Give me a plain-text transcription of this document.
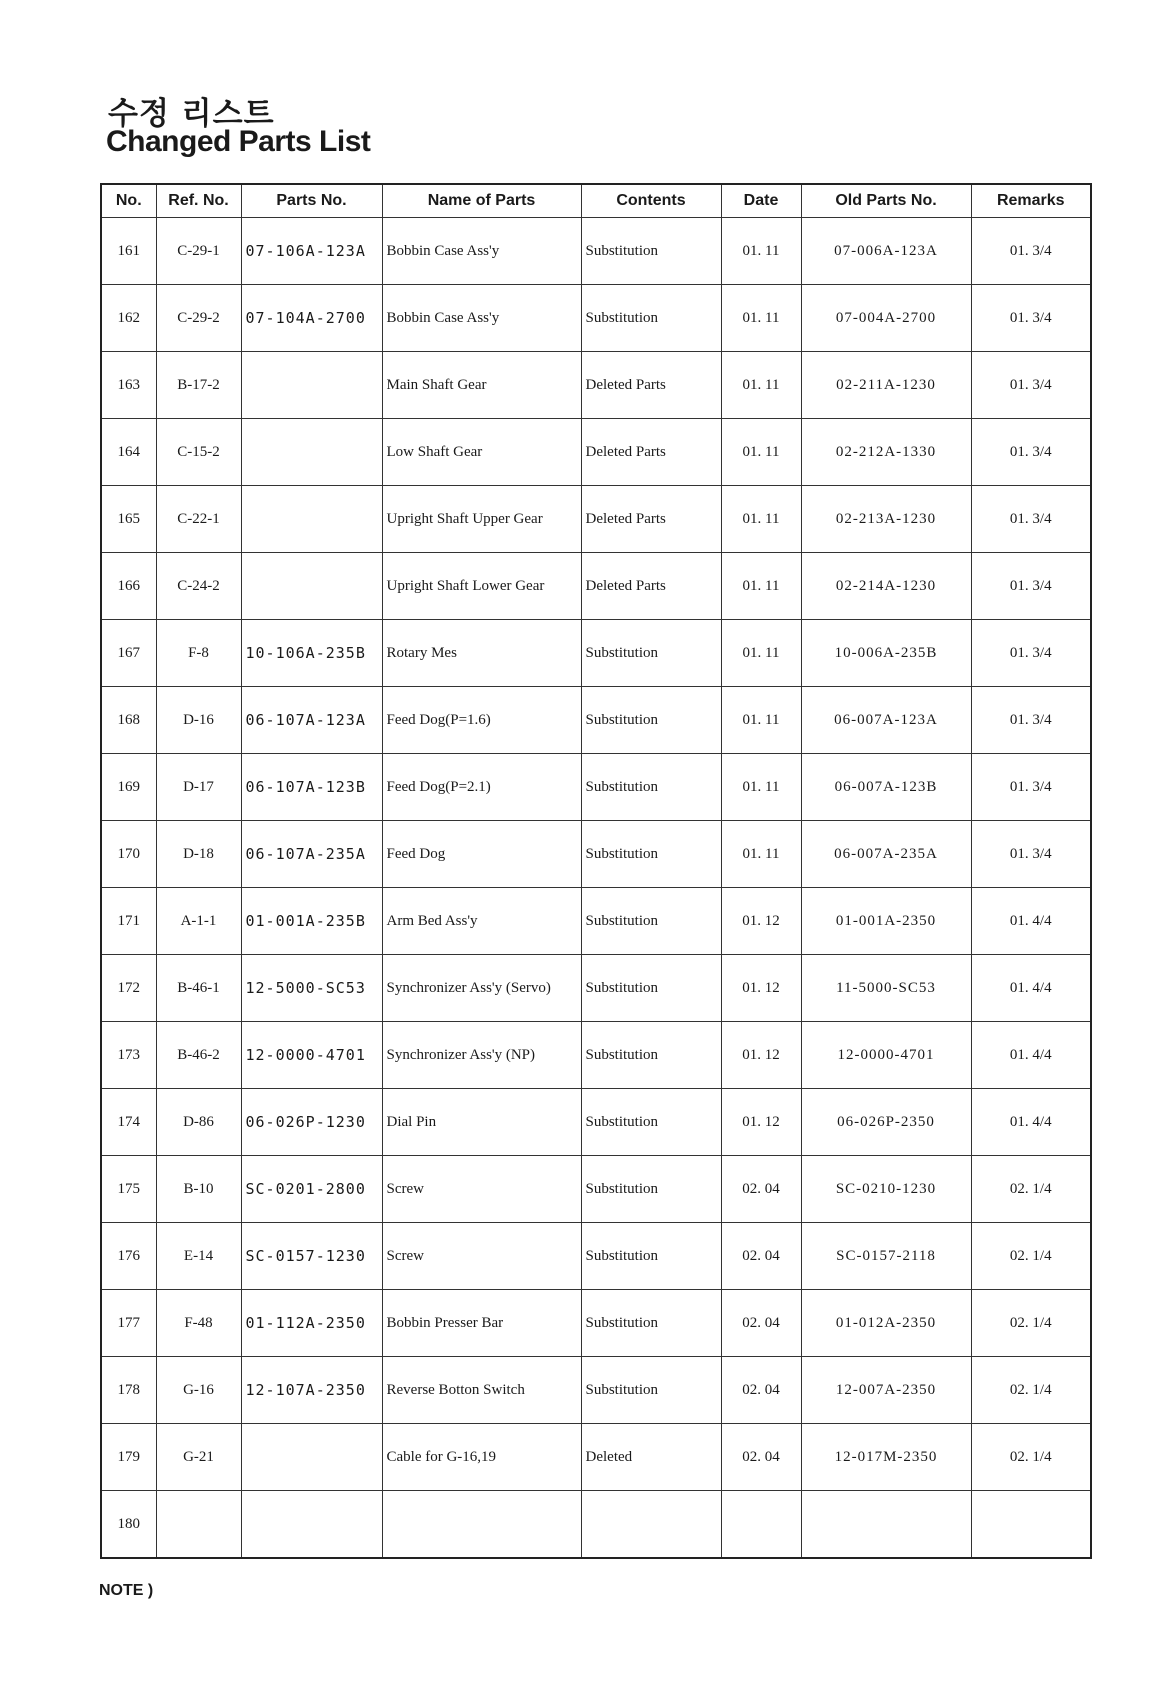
수정 리스트
Changed Parts List
No.	Ref. No.	Parts No.	Name of Parts	Contents	Date	Old Parts No.	Remarks
161	C-29-1	07-106A-123A	Bobbin Case Ass'y	Substitution	01. 11	07-006A-123A	01. 3/4
162	C-29-2	07-104A-2700	Bobbin Case Ass'y	Substitution	01. 11	07-004A-2700	01. 3/4
163	B-17-2		Main Shaft Gear	Deleted Parts	01. 11	02-211A-1230	01. 3/4
164	C-15-2		Low Shaft Gear	Deleted Parts	01. 11	02-212A-1330	01. 3/4
165	C-22-1		Upright Shaft Upper Gear	Deleted Parts	01. 11	02-213A-1230	01. 3/4
166	C-24-2		Upright Shaft Lower Gear	Deleted Parts	01. 11	02-214A-1230	01. 3/4
167	F-8	10-106A-235B	Rotary Mes	Substitution	01. 11	10-006A-235B	01. 3/4
168	D-16	06-107A-123A	Feed Dog(P=1.6)	Substitution	01. 11	06-007A-123A	01. 3/4
169	D-17	06-107A-123B	Feed Dog(P=2.1)	Substitution	01. 11	06-007A-123B	01. 3/4
170	D-18	06-107A-235A	Feed Dog	Substitution	01. 11	06-007A-235A	01. 3/4
171	A-1-1	01-001A-235B	Arm Bed Ass'y	Substitution	01. 12	01-001A-2350	01. 4/4
172	B-46-1	12-5000-SC53	Synchronizer Ass'y (Servo)	Substitution	01. 12	11-5000-SC53	01. 4/4
173	B-46-2	12-0000-4701	Synchronizer Ass'y (NP)	Substitution	01. 12	12-0000-4701	01. 4/4
174	D-86	06-026P-1230	Dial Pin	Substitution	01. 12	06-026P-2350	01. 4/4
175	B-10	SC-0201-2800	Screw	Substitution	02. 04	SC-0210-1230	02. 1/4
176	E-14	SC-0157-1230	Screw	Substitution	02. 04	SC-0157-2118	02. 1/4
177	F-48	01-112A-2350	Bobbin Presser Bar	Substitution	02. 04	01-012A-2350	02. 1/4
178	G-16	12-107A-2350	Reverse Botton Switch	Substitution	02. 04	12-007A-2350	02. 1/4
179	G-21		Cable for G-16,19	Deleted	02. 04	12-017M-2350	02. 1/4
180							

NOTE )
